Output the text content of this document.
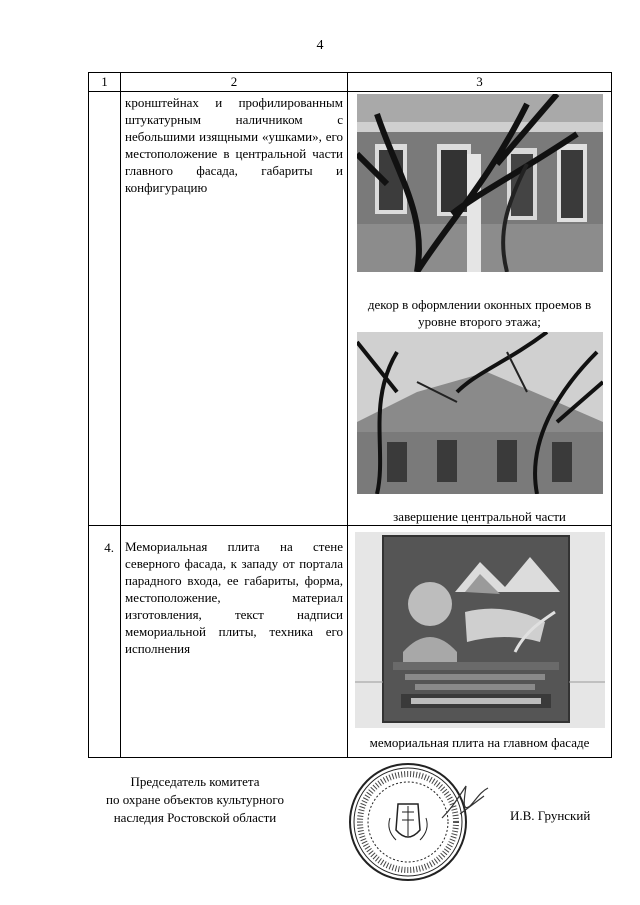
4
1	2	3
	кронштейнах и профилированным штукатурным наличником с небольшими изящными «ушками», его местоположение в центральной части главного фасада, габариты и конфигурацию	декор в оформлении оконных проемов в уровне второго этажа;
завершение центральной части

4.	Мемориальная плита на стене северного фасада, к западу от портала парадного входа, ее габариты, форма, местоположение, материал изготовления, текст надписи мемориальной плиты, техника его исполнения	мемориальная плита на главном фасаде
Председатель комитета
по охране объектов культурного
наследия Ростовской области	И.В. Грунский
